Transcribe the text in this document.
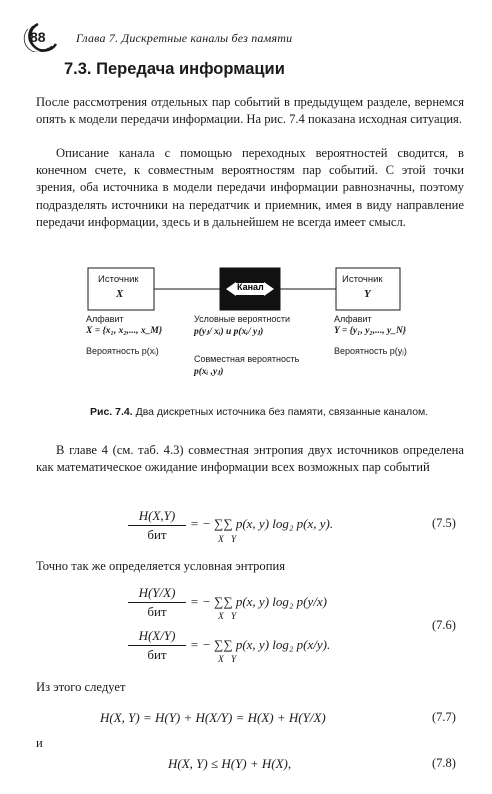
88	Глава 7. Дискретные каналы без памяти
7.3. Передача информации

После рассмотрения отдельных пар событий в предыдущем разделе, вернемся опять к модели передачи информации. На рис. 7.4 показана исходная ситуация.

Описание канала с помощью переходных вероятностей сводится, в конечном счете, к совместным вероятностям пар событий. С этой точки зрения, оба источника в модели передачи информации равнозначны, поэтому подразделять источники на передатчик и приемник, имея в виду направление передачи информации, здесь и в дальнейшем не всегда имеет смысл.

Источник
X
Канал
Источник
Y
Алфавит
X = {x₁, x₂,..., x_M}
Вероятность p(xᵢ)
Условные вероятности
p(yⱼ/ xᵢ) и p(xᵢ/ yⱼ)
Совместная вероятность
p(xᵢ ,yⱼ)
Алфавит
Y = {y₁, y₂,..., y_N}
Вероятность p(yⱼ)
Рис. 7.4. Два дискретных источника без памяти, связанные каналом.

В главе 4 (см. таб. 4.3) совместная энтропия двух источников определена как математическое ожидание информации всех возможных пар событий

H(X,Y)
бит
= − ∑∑ p(x, y) log₂ p(x, y).
X   Y
(7.5)
Точно так же определяется условная энтропия
H(Y/X)
бит
= − ∑∑ p(x, y) log₂ p(y/x)
X   Y
H(X/Y)
бит
= − ∑∑ p(x, y) log₂ p(x/y).
X   Y
(7.6)
Из этого следует
H(X, Y) = H(Y) + H(X/Y) = H(X) + H(Y/X)	(7.7)
и
H(X, Y) ≤ H(Y) + H(X),	(7.8)
